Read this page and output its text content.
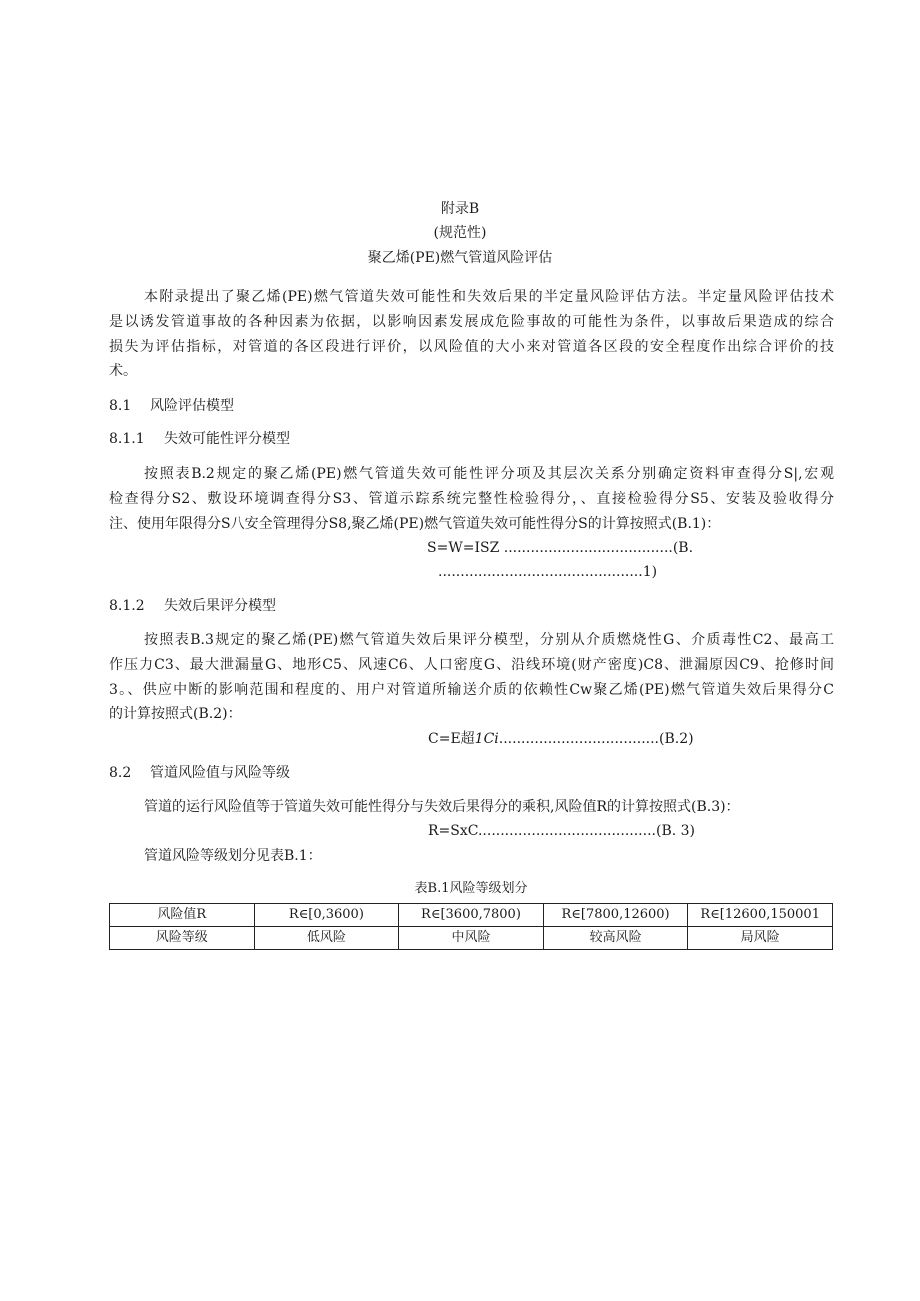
附录B
(规范性)
聚乙烯(PE)燃气管道风险评估
本附录提出了聚乙烯(PE)燃气管道失效可能性和失效后果的半定量风险评估方法。半定量风险评估技术
是以诱发管道事故的各种因素为依据，以影响因素发展成危险事故的可能性为条件，以事故后果造成的综合
损失为评估指标，对管道的各区段进行评价，以风险值的大小来对管道各区段的安全程度作出综合评价的技
术。
8.1 风险评估模型
8.1.1 失效可能性评分模型
按照表B.2规定的聚乙烯(PE)燃气管道失效可能性评分项及其层次关系分别确定资料审查得分S|,宏观
检查得分S2、敷设环境调查得分S3、管道示踪系统完整性检验得分，、直接检验得分S5、安装及验收得分
注、使用年限得分S八安全管理得分S8,聚乙烯(PE)燃气管道失效可能性得分S的计算按照式(B.1)：
S=W=ISZ ......................................(B.
..............................................1)
8.1.2 失效后果评分模型
按照表B.3规定的聚乙烯(PE)燃气管道失效后果评分模型，分别从介质燃烧性G、介质毒性C2、最高工
作压力C3、最大泄漏量G、地形C5、风速C6、人口密度G、沿线环境(财产密度)C8、泄漏原因C9、抢修时间
3。、供应中断的影响范围和程度的、用户对管道所输送介质的依赖性Cw聚乙烯(PE)燃气管道失效后果得分C
的计算按照式(B.2)：
C=E超1Ci....................................(B.2)
8.2 管道风险值与风险等级
管道的运行风险值等于管道失效可能性得分与失效后果得分的乘积,风险值R的计算按照式(B.3)：
R=SxC........................................(B. 3)
管道风险等级划分见表B.1：
表B.1风险等级划分
风险值R	R∈[0,3600)	R∈[3600,7800)	R∈[7800,12600)	R∈[12600,150001
风险等级	低风险	中风险	较高风险	局风险
